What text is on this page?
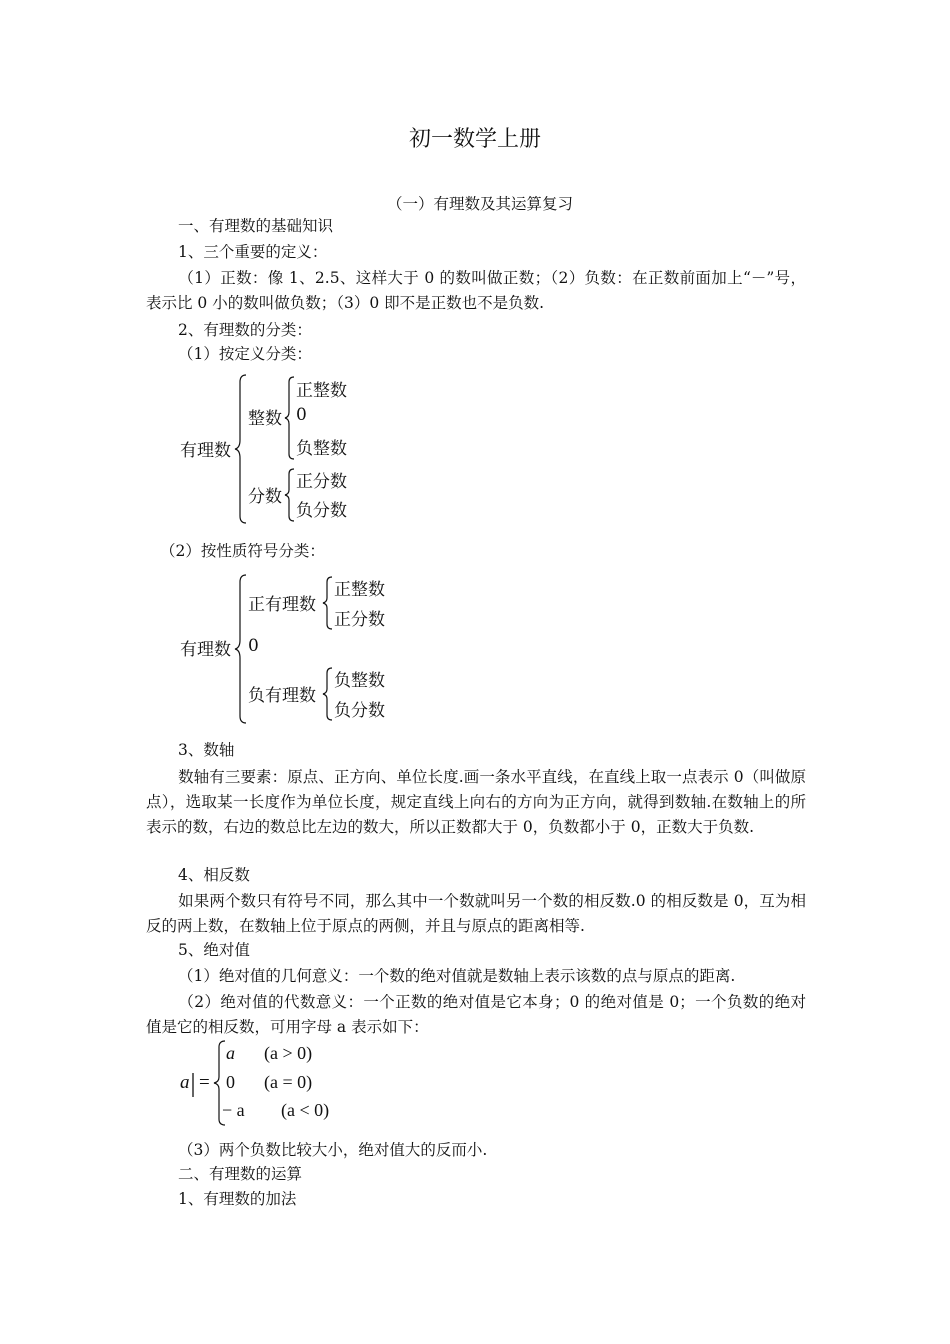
初一数学上册
（一）有理数及其运算复习
一、有理数的基础知识
1、三个重要的定义：
（1）正数：像 1、2.5、这样大于 0 的数叫做正数；（2）负数：在正数前面加上“－”号，表示比 0 小的数叫做负数；（3）0 即不是正数也不是负数.
2、有理数的分类：
（1）按定义分类：
有理数
整数
正整数
0
负整数
分数
正分数
负分数
（2）按性质符号分类：
有理数
正有理数
正整数
正分数
0
负有理数
负整数
负分数
3、数轴
数轴有三要素：原点、正方向、单位长度.画一条水平直线，在直线上取一点表示 0（叫做原点），选取某一长度作为单位长度，规定直线上向右的方向为正方向，就得到数轴.在数轴上的所表示的数，右边的数总比左边的数大，所以正数都大于 0，负数都小于 0，正数大于负数.
4、相反数
如果两个数只有符号不同，那么其中一个数就叫另一个数的相反数.0 的相反数是 0，互为相反的两上数，在数轴上位于原点的两侧，并且与原点的距离相等.
5、绝对值
（1）绝对值的几何意义：一个数的绝对值就是数轴上表示该数的点与原点的距离.
（2）绝对值的代数意义：一个正数的绝对值是它本身；0 的绝对值是 0；一个负数的绝对值是它的相反数，可用字母 a 表示如下：
a =
a (a > 0)
0 (a = 0)
− a (a < 0)
（3）两个负数比较大小，绝对值大的反而小.
二、有理数的运算
1、有理数的加法
